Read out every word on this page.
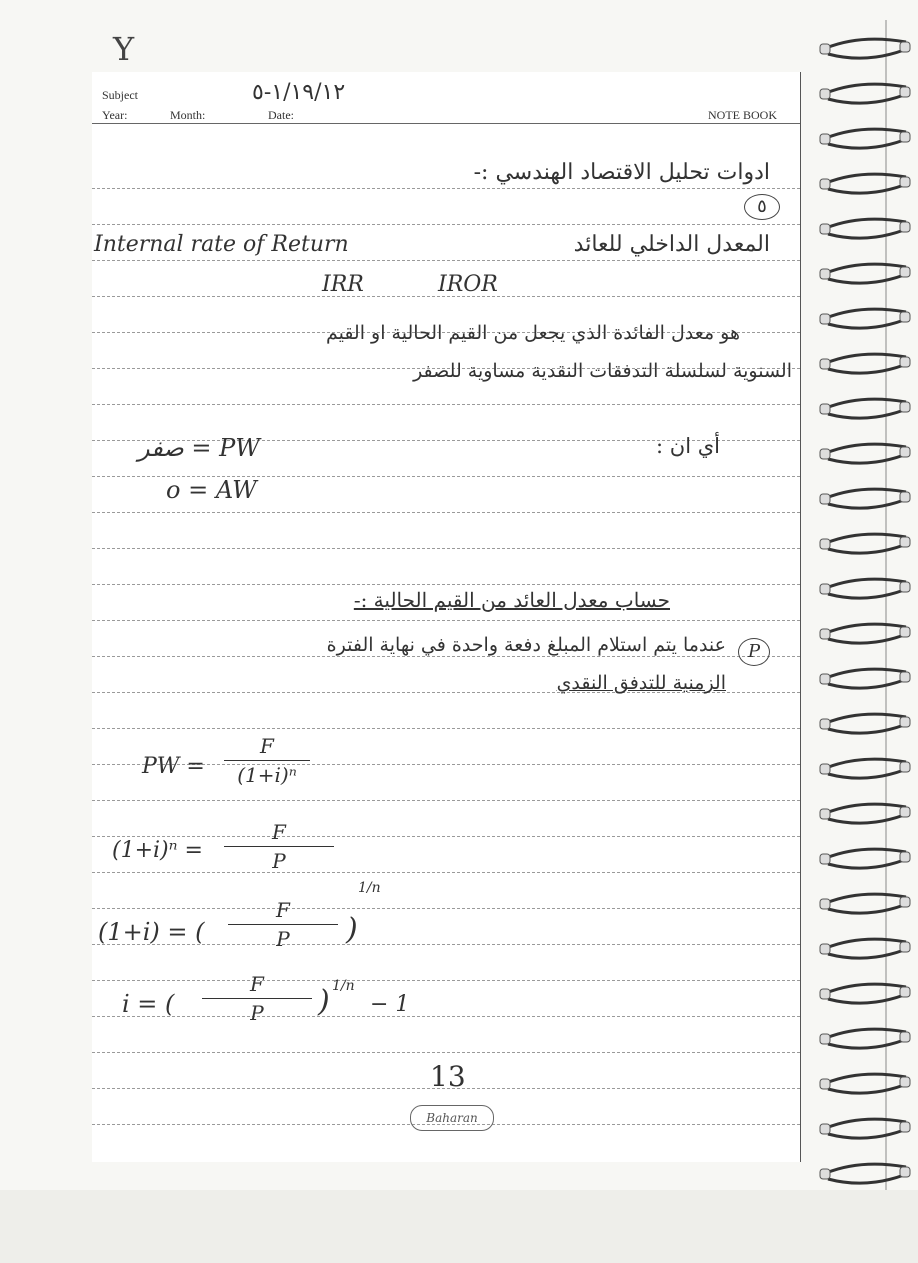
Y
Subject
Year:	Month:	Date:
١/١٩/١٢-٥
NOTE BOOK
ادوات تحليل الاقتصاد الهندسي :-
٥
Internal rate of Return	المعدل الداخلي للعائد
IRR	IROR
هو معدل الفائدة الذي يجعل من القيم الحالية او القيم
السنوية لسلسلة التدفقات النقدية مساوية للصفر
أي ان :
صفر = PW
o = AW
حساب معدل العائد من القيم الحالية :-
P
عندما يتم استلام المبلغ دفعة واحدة في نهاية الفترة
الزمنية للتدفق النقدي
PW =
F
(1+i)ⁿ
(1+i)ⁿ =
F
P
(1+i) = (
F
P	)
1/n
i = (
F
P	) 1/n
− 1
13
Baharan
